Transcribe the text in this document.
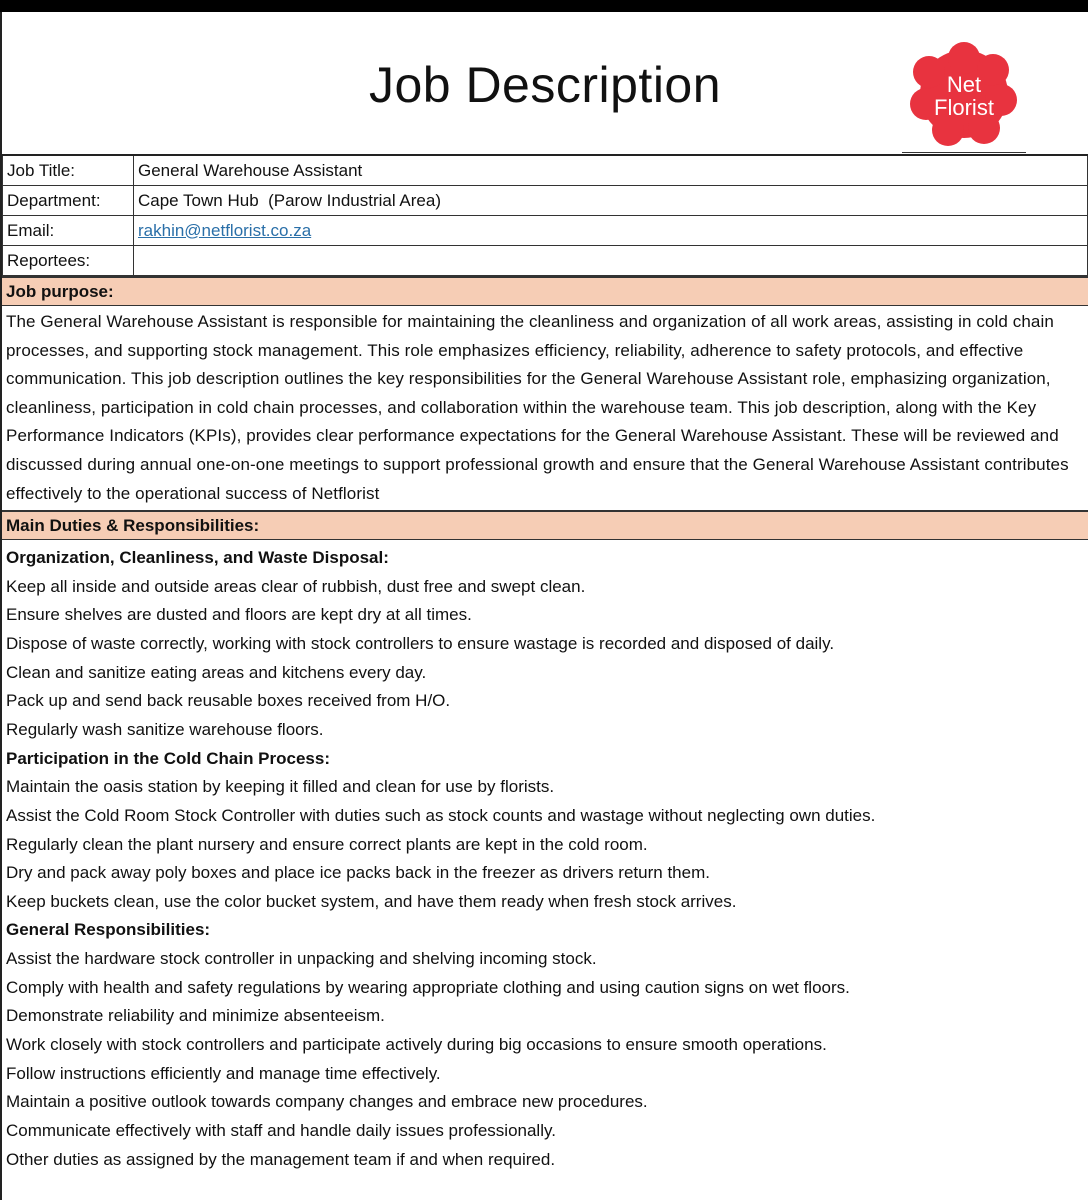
Job Description	Net
Florist
Job Title:	General Warehouse Assistant
Department:	Cape Town Hub  (Parow Industrial Area)
Email:	rakhin@netflorist.co.za
Reportees:	
Job purpose:
The General Warehouse Assistant is responsible for maintaining the cleanliness and organization of all work areas, assisting in cold chain processes, and supporting stock management. This role emphasizes efficiency, reliability, adherence to safety protocols, and effective communication. This job description outlines the key responsibilities for the General Warehouse Assistant role, emphasizing organization, cleanliness, participation in cold chain processes, and collaboration within the warehouse team. This job description, along with the Key Performance Indicators (KPIs), provides clear performance expectations for the General Warehouse Assistant. These will be reviewed and discussed during annual one-on-one meetings to support professional growth and ensure that the General Warehouse Assistant contributes effectively to the operational success of Netflorist
Main Duties & Responsibilities:
Organization, Cleanliness, and Waste Disposal:
Keep all inside and outside areas clear of rubbish, dust free and swept clean.
Ensure shelves are dusted and floors are kept dry at all times.
Dispose of waste correctly, working with stock controllers to ensure wastage is recorded and disposed of daily.
Clean and sanitize eating areas and kitchens every day.
Pack up and send back reusable boxes received from H/O.
Regularly wash sanitize warehouse floors.
Participation in the Cold Chain Process:
Maintain the oasis station by keeping it filled and clean for use by florists.
Assist the Cold Room Stock Controller with duties such as stock counts and wastage without neglecting own duties.
Regularly clean the plant nursery and ensure correct plants are kept in the cold room.
Dry and pack away poly boxes and place ice packs back in the freezer as drivers return them.
Keep buckets clean, use the color bucket system, and have them ready when fresh stock arrives.
General Responsibilities:
Assist the hardware stock controller in unpacking and shelving incoming stock.
Comply with health and safety regulations by wearing appropriate clothing and using caution signs on wet floors.
Demonstrate reliability and minimize absenteeism.
Work closely with stock controllers and participate actively during big occasions to ensure smooth operations.
Follow instructions efficiently and manage time effectively.
Maintain a positive outlook towards company changes and embrace new procedures.
Communicate effectively with staff and handle daily issues professionally.
Other duties as assigned by the management team if and when required.
